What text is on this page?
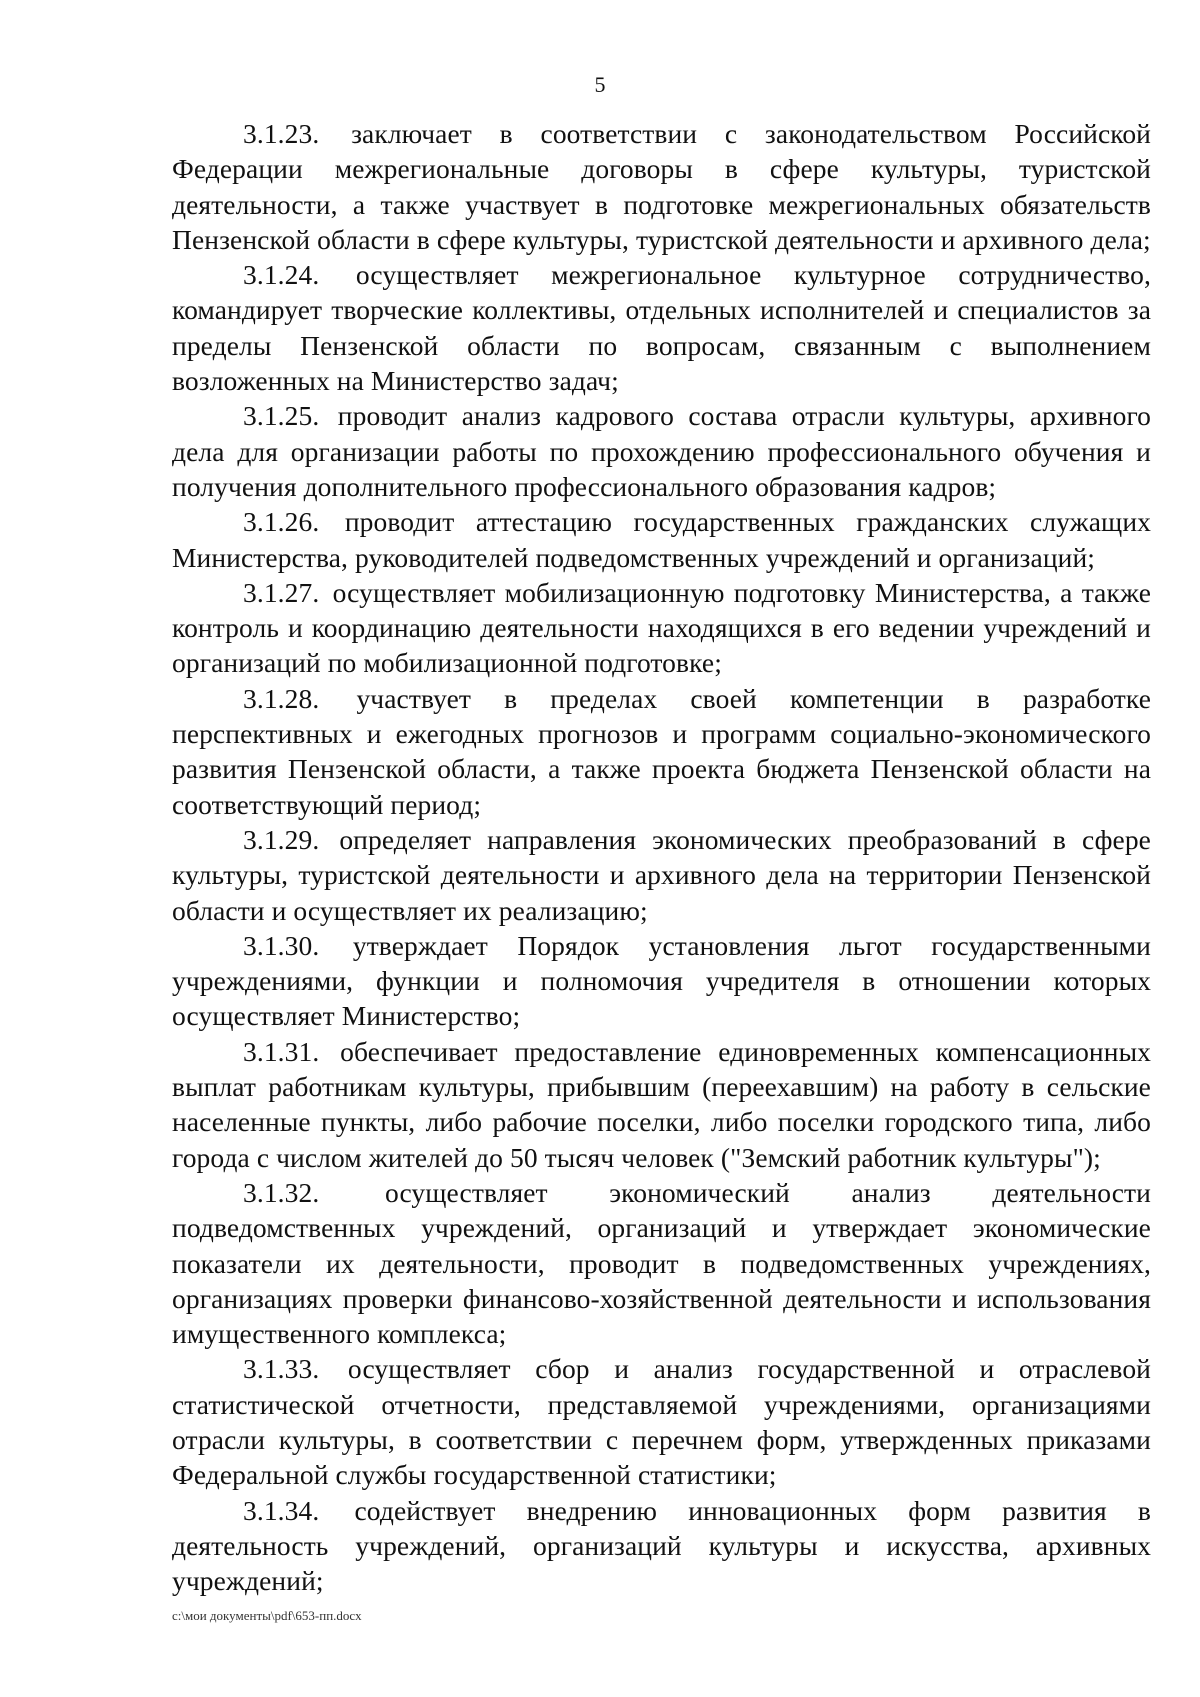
5

3.1.23. заключает в соответствии с законодательством Российской Федерации межрегиональные договоры в сфере культуры, туристской деятельности, а также участвует в подготовке межрегиональных обязательств Пензенской области в сфере культуры, туристской деятельности и архивного дела;

3.1.24. осуществляет межрегиональное культурное сотрудничество, командирует творческие коллективы, отдельных исполнителей и специалистов за пределы Пензенской области по вопросам, связанным с выполнением возложенных на Министерство задач;

3.1.25. проводит анализ кадрового состава отрасли культуры, архивного дела для организации работы по прохождению профессионального обучения и получения дополнительного профессионального образования кадров;

3.1.26. проводит аттестацию государственных гражданских служащих Министерства, руководителей подведомственных учреждений и организаций;

3.1.27. осуществляет мобилизационную подготовку Министерства, а также контроль и координацию деятельности находящихся в его ведении учреждений и организаций по мобилизационной подготовке;

3.1.28. участвует в пределах своей компетенции в разработке перспективных и ежегодных прогнозов и программ социально-экономического развития Пензенской области, а также проекта бюджета Пензенской области на соответствующий период;

3.1.29. определяет направления экономических преобразований в сфере культуры, туристской деятельности и архивного дела на территории Пензенской области и осуществляет их реализацию;

3.1.30. утверждает Порядок установления льгот государственными учреждениями, функции и полномочия учредителя в отношении которых осуществляет Министерство;

3.1.31. обеспечивает предоставление единовременных компенсационных выплат работникам культуры, прибывшим (переехавшим) на работу в сельские населенные пункты, либо рабочие поселки, либо поселки городского типа, либо города с числом жителей до 50 тысяч человек ("Земский работник культуры");

3.1.32. осуществляет экономический анализ деятельности подведомственных учреждений, организаций и утверждает экономические показатели их деятельности, проводит в подведомственных учреждениях, организациях проверки финансово-хозяйственной деятельности и использования имущественного комплекса;

3.1.33. осуществляет сбор и анализ государственной и отраслевой статистической отчетности, представляемой учреждениями, организациями отрасли культуры, в соответствии с перечнем форм, утвержденных приказами Федеральной службы государственной статистики;

3.1.34. содействует внедрению инновационных форм развития в деятельность учреждений, организаций культуры и искусства, архивных учреждений;

c:\мои документы\pdf\653-пп.docx
